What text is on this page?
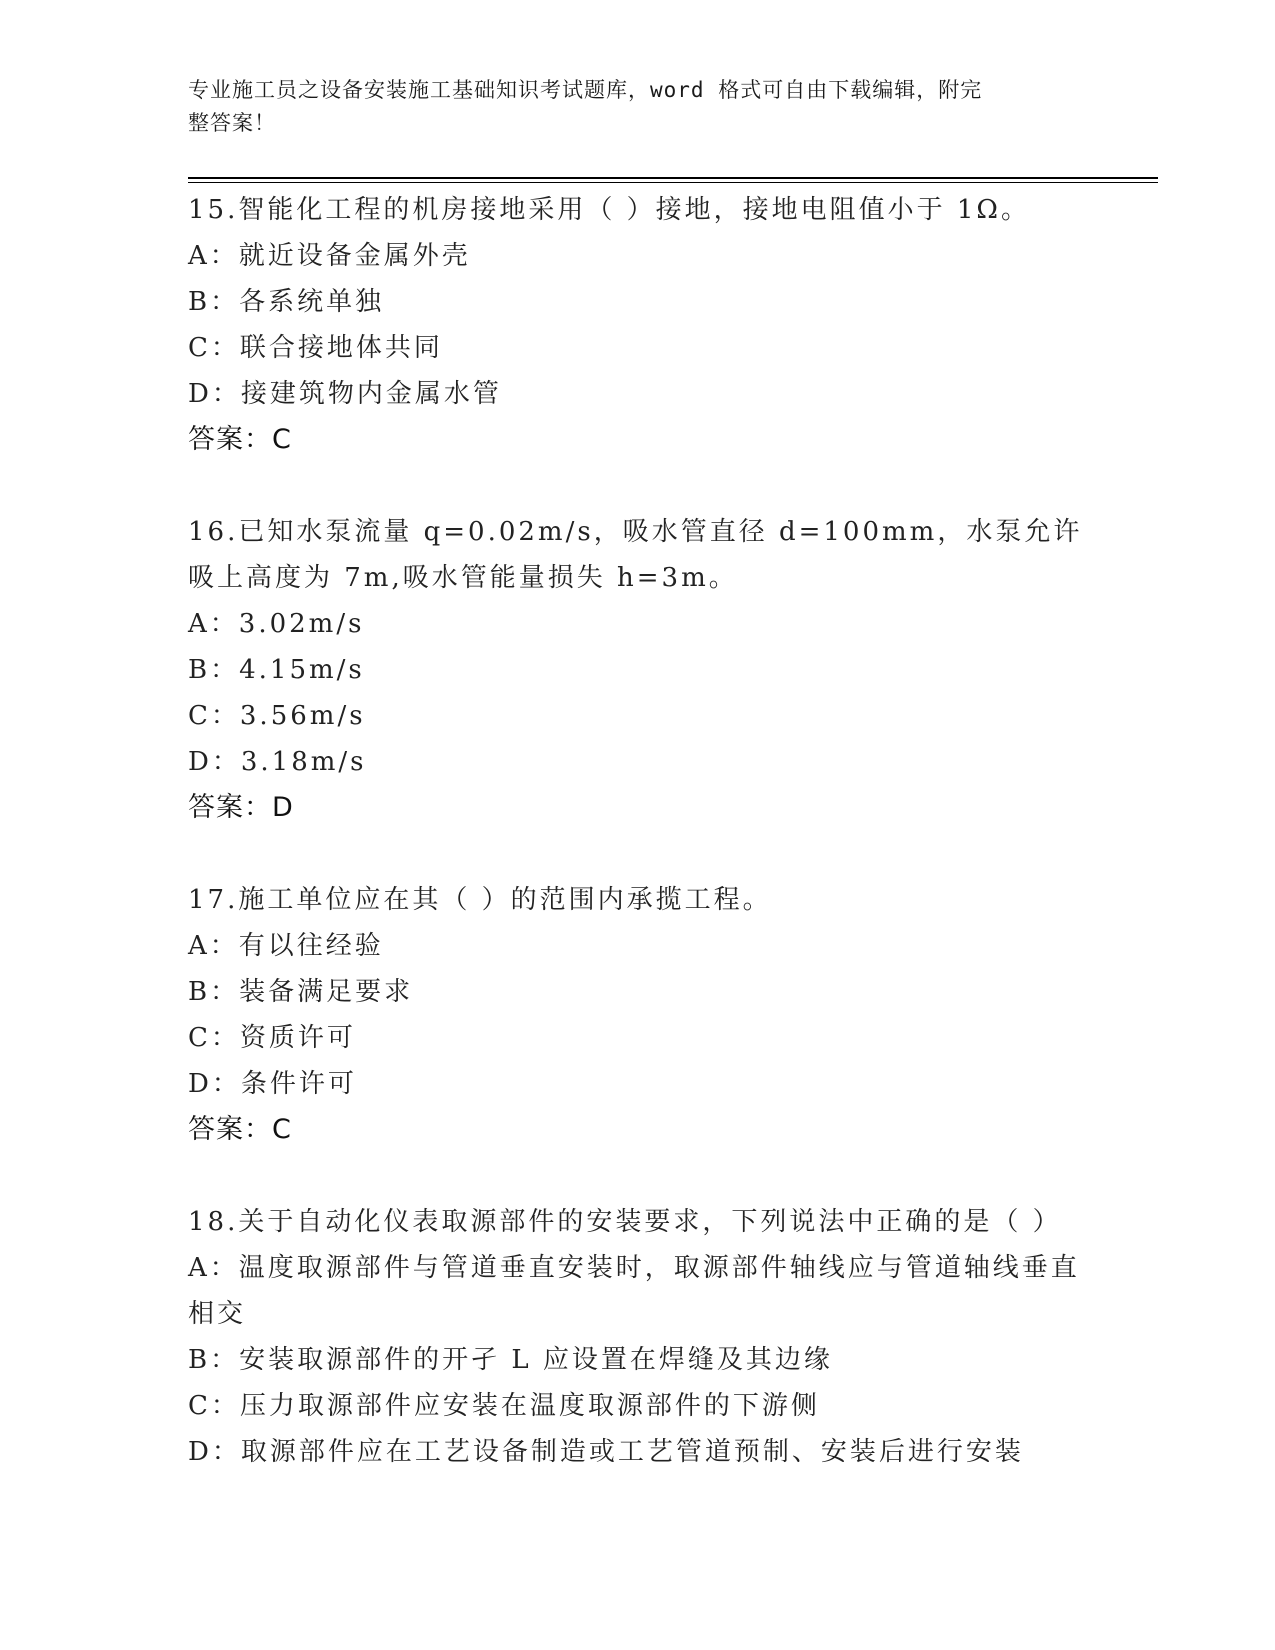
专业施工员之设备安装施工基础知识考试题库，word 格式可自由下载编辑，附完
整答案！
15.智能化工程的机房接地采用（ ）接地，接地电阻值小于 1Ω。
A：就近设备金属外壳
B：各系统单独
C：联合接地体共同
D：接建筑物内金属水管
答案：C
16.已知水泵流量 q=0.02m/s，吸水管直径 d=100mm，水泵允许吸上高度为 7m,吸水管能量损失 h=3m。
A：3.02m/s
B：4.15m/s
C：3.56m/s
D：3.18m/s
答案：D
17.施工单位应在其（ ）的范围内承揽工程。
A：有以往经验
B：装备满足要求
C：资质许可
D：条件许可
答案：C
18.关于自动化仪表取源部件的安装要求，下列说法中正确的是（ ）
A：温度取源部件与管道垂直安装时，取源部件轴线应与管道轴线垂直相交
B：安装取源部件的开孑 L 应设置在焊缝及其边缘
C：压力取源部件应安装在温度取源部件的下游侧
D：取源部件应在工艺设备制造或工艺管道预制、安装后进行安装
